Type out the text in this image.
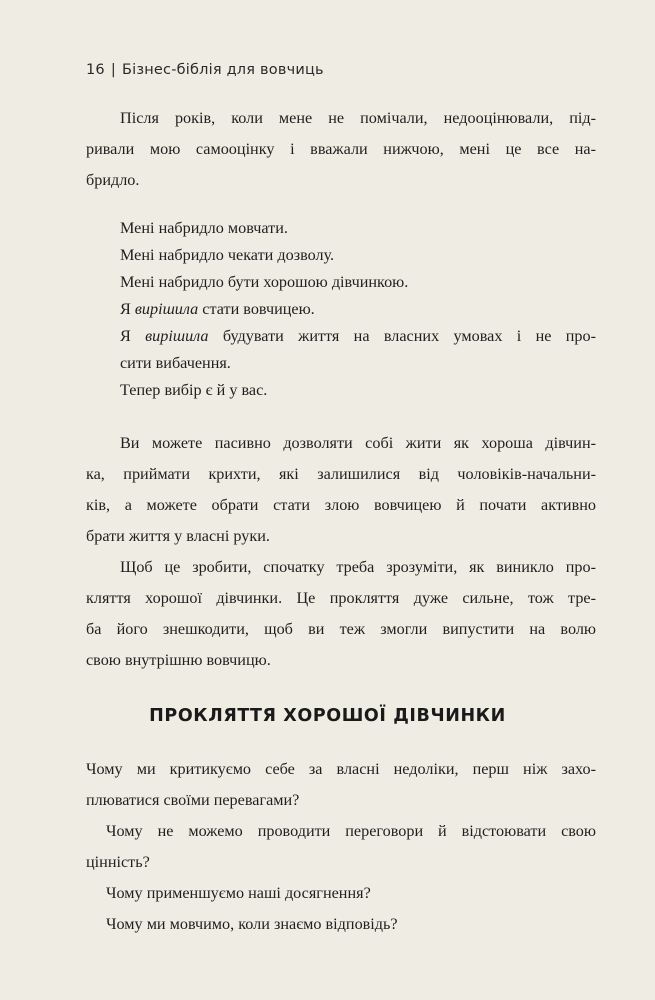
16 | Бізнес-біблія для вовчиць
Після років, коли мене не помічали, недооцінювали, під-
ривали мою самооцінку і вважали нижчою, мені це все на-
бридло.
Мені набридло мовчати.
Мені набридло чекати дозволу.
Мені набридло бути хорошою дівчинкою.
Я вирішила стати вовчицею.
Я вирішила будувати життя на власних умовах і не про-
сити вибачення.
Тепер вибір є й у вас.
Ви можете пасивно дозволяти собі жити як хороша дівчин-
ка, приймати крихти, які залишилися від чоловіків-начальни-
ків, а можете обрати стати злою вовчицею й почати активно
брати життя у власні руки.
Щоб це зробити, спочатку треба зрозуміти, як виникло про-
кляття хорошої дівчинки. Це прокляття дуже сильне, тож тре-
ба його знешкодити, щоб ви теж змогли випустити на волю
свою внутрішню вовчицю.
ПРОКЛЯТТЯ ХОРОШОЇ ДІВЧИНКИ
Чому ми критикуємо себе за власні недоліки, перш ніж захо-
плюватися своїми перевагами?
Чому не можемо проводити переговори й відстоювати свою
цінність?
Чому применшуємо наші досягнення?
Чому ми мовчимо, коли знаємо відповідь?
